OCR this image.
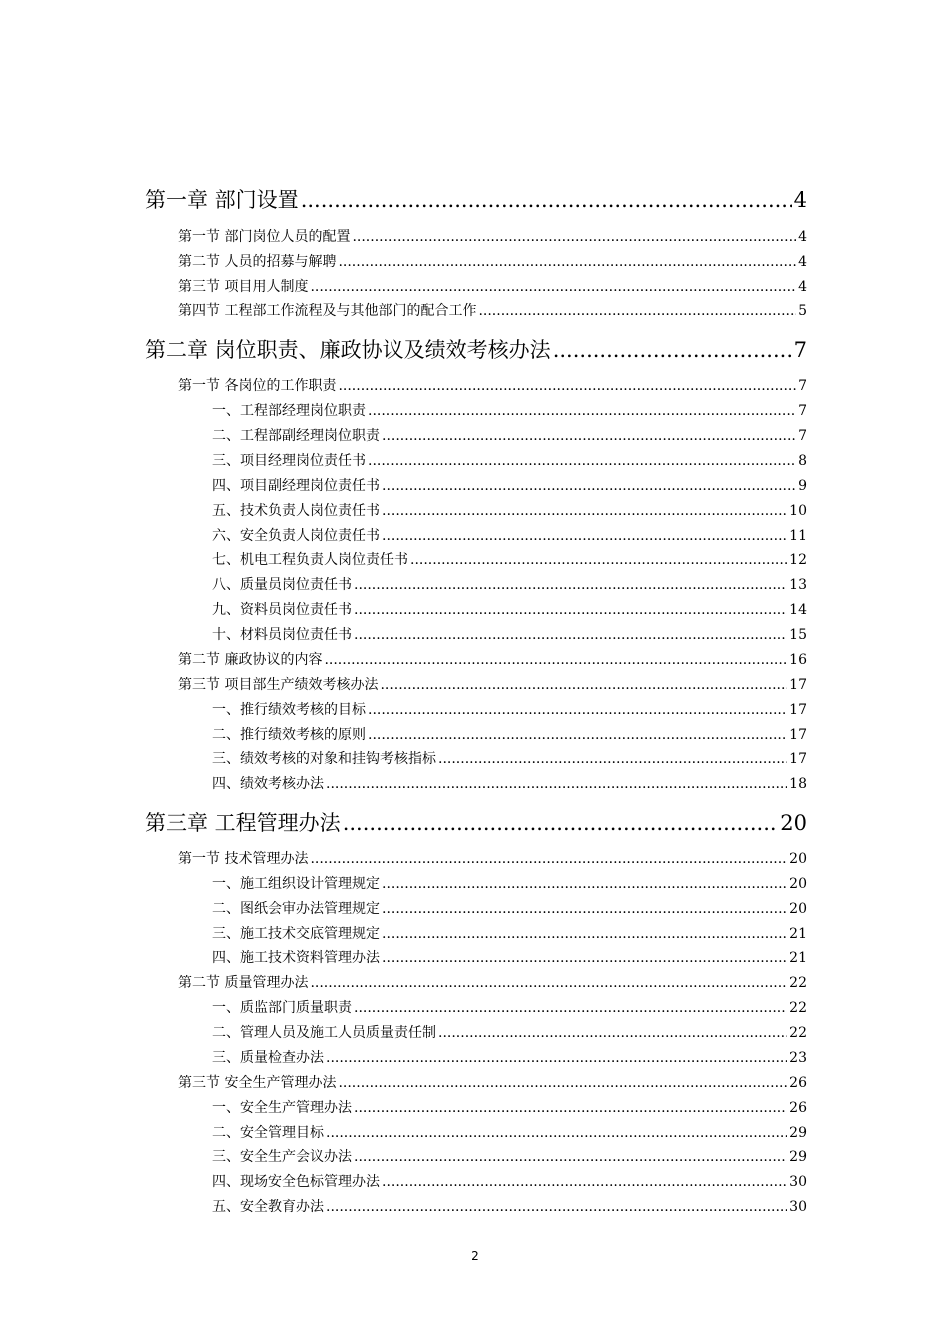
第一章 部门设置 .....	4
第一节 部门岗位人员的配置 .....	4
第二节 人员的招募与解聘 .....	4
第三节 项目用人制度 .....	4
第四节 工程部工作流程及与其他部门的配合工作 .....	5
第二章 岗位职责、廉政协议及绩效考核办法 .....	7
第一节 各岗位的工作职责 .....	7
一、工程部经理岗位职责 .....	7
二、工程部副经理岗位职责 .....	7
三、项目经理岗位责任书 .....	8
四、项目副经理岗位责任书 .....	9
五、技术负责人岗位责任书 .....	10
六、安全负责人岗位责任书 .....	11
七、机电工程负责人岗位责任书 .....	12
八、质量员岗位责任书 .....	13
九、资料员岗位责任书 .....	14
十、材料员岗位责任书 .....	15
第二节 廉政协议的内容 .....	16
第三节 项目部生产绩效考核办法 .....	17
一、推行绩效考核的目标 .....	17
二、推行绩效考核的原则 .....	17
三、绩效考核的对象和挂钩考核指标 .....	17
四、绩效考核办法 .....	18
第三章 工程管理办法 .....	20
第一节 技术管理办法 .....	20
一、施工组织设计管理规定 .....	20
二、图纸会审办法管理规定 .....	20
三、施工技术交底管理规定 .....	21
四、施工技术资料管理办法 .....	21
第二节 质量管理办法 .....	22
一、质监部门质量职责 .....	22
二、管理人员及施工人员质量责任制 .....	22
三、质量检查办法 .....	23
第三节 安全生产管理办法 .....	26
一、安全生产管理办法 .....	26
二、安全管理目标 .....	29
三、安全生产会议办法 .....	29
四、现场安全色标管理办法 .....	30
五、安全教育办法 .....	30
2
